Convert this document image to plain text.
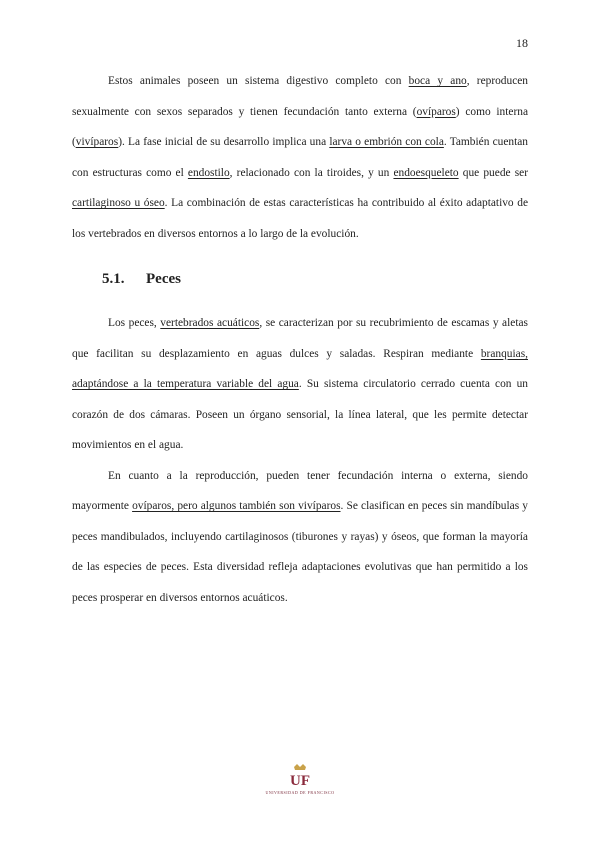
18

Estos animales poseen un sistema digestivo completo con boca y ano, reproducen sexualmente con sexos separados y tienen fecundación tanto externa (ovíparos) como interna (vivíparos). La fase inicial de su desarrollo implica una larva o embrión con cola. También cuentan con estructuras como el endostilo, relacionado con la tiroides, y un endoesqueleto que puede ser cartilaginoso u óseo. La combinación de estas características ha contribuido al éxito adaptativo de los vertebrados en diversos entornos a lo largo de la evolución.

5.1.	Peces

Los peces, vertebrados acuáticos, se caracterizan por su recubrimiento de escamas y aletas que facilitan su desplazamiento en aguas dulces y saladas. Respiran mediante branquias, adaptándose a la temperatura variable del agua. Su sistema circulatorio cerrado cuenta con un corazón de dos cámaras. Poseen un órgano sensorial, la línea lateral, que les permite detectar movimientos en el agua.

En cuanto a la reproducción, pueden tener fecundación interna o externa, siendo mayormente ovíparos, pero algunos también son vivíparos. Se clasifican en peces sin mandíbulas y peces mandibulados, incluyendo cartilaginosos (tiburones y rayas) y óseos, que forman la mayoría de las especies de peces. Esta diversidad refleja adaptaciones evolutivas que han permitido a los peces prosperar en diversos entornos acuáticos.

UF
UNIVERSIDAD DE FRANCISCO
